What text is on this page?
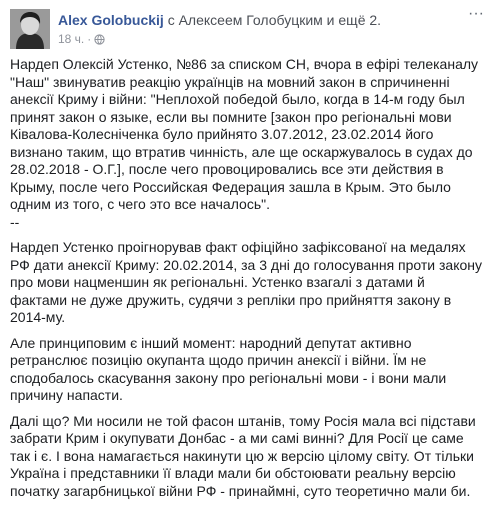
Alex Golobuckij с Алексеем Голобуцким и ещё 2.
18 ч. ·
···

Нардеп Олексій Устенко, №86 за списком СН, вчора в ефірі телеканалу "Наш" звинуватив реакцію українців на мовний закон в спричиненні анексії Криму і війни: "Неплохой победой было, когда в 14-м году был принят закон о языке, если вы помните [закон про регіональні мови Ківалова-Колесніченка було прийнято 3.07.2012, 23.02.2014 його визнано таким, що втратив чинність, але ще оскаржувалось в судах до 28.02.2018 - О.Г.], после чего провоцировались все эти действия в Крыму, после чего Российская Федерация зашла в Крым. Это было одним из того, с чего это все началось".

--

Нардеп Устенко проігнорував факт офіційно зафіксованої на медалях РФ дати анексії Криму: 20.02.2014, за 3 дні до голосування проти закону про мови нацменшин як регіональні. Устенко взагалі з датами й фактами не дуже дружить, судячи з репліки про прийняття закону в 2014-му.

Але принциповим є інший момент: народний депутат активно ретранслює позицію окупанта щодо причин анексії і війни. Їм не сподобалось скасування закону про регіональні мови - і вони мали причину напасти.

Далі що? Ми носили не той фасон штанів, тому Росія мала всі підстави забрати Крим і окупувати Донбас - а ми самі винні? Для Росії це саме так і є. І вона намагається накинути цю ж версію цілому світу. От тільки Україна і представники її влади мали би обстоювати реальну версію початку загарбницької війни РФ - принаймні, суто теоретично мали би.
